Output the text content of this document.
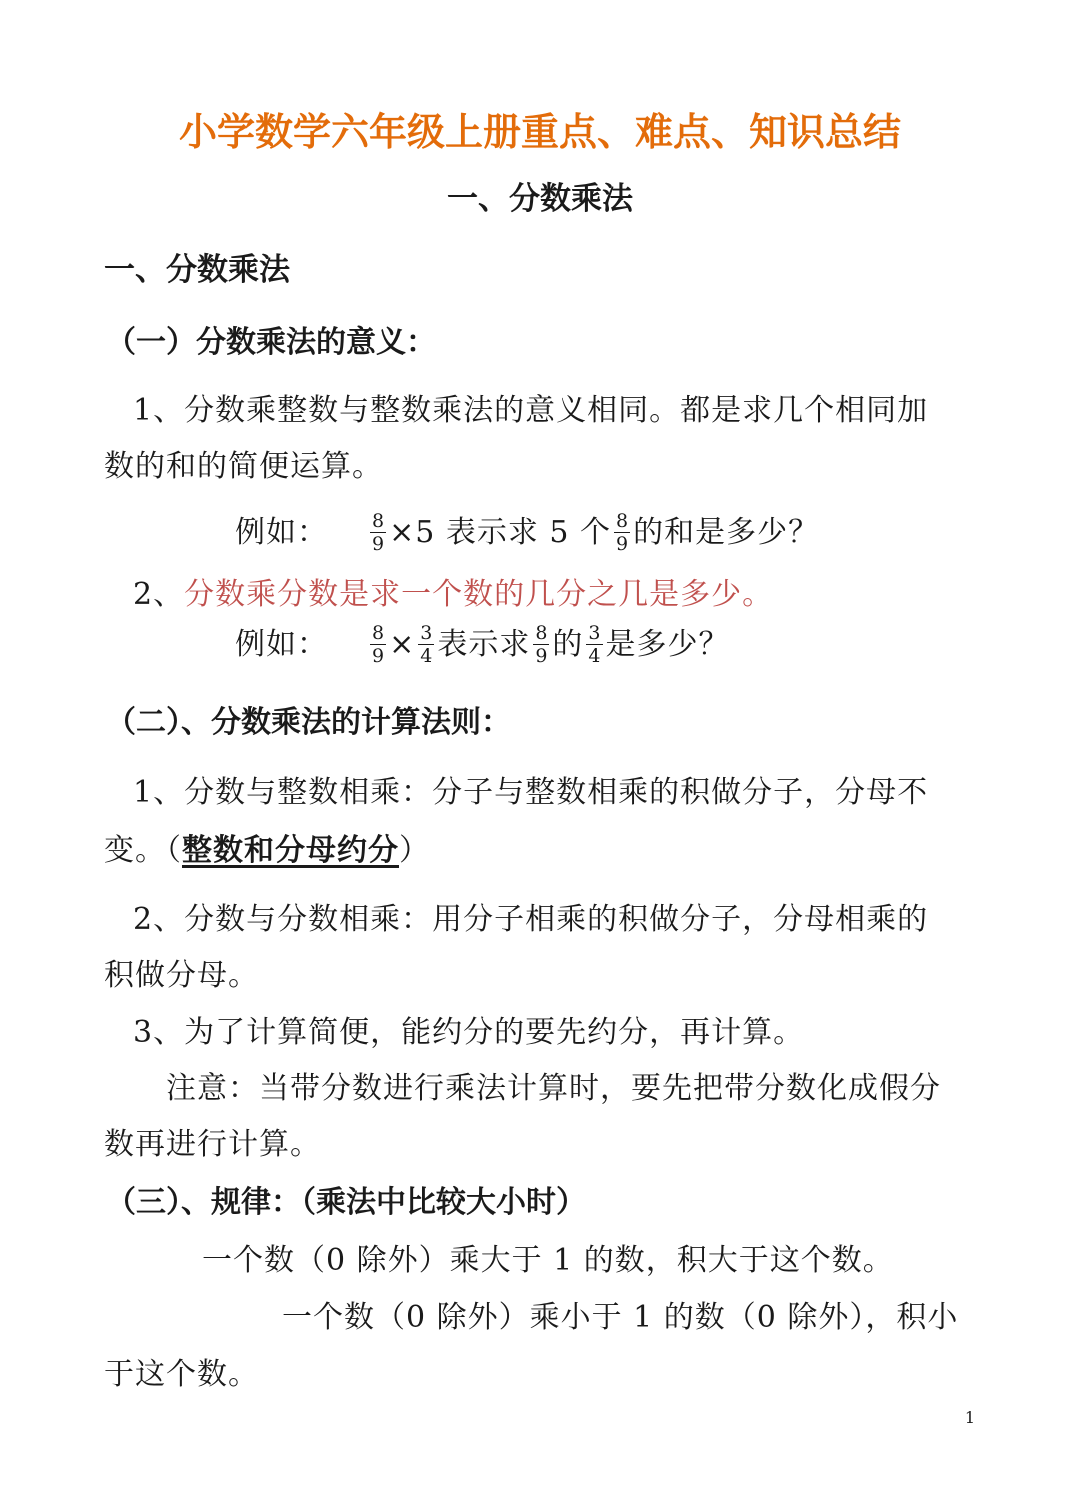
小学数学六年级上册重点、难点、知识总结
一、分数乘法
一、分数乘法
（一）分数乘法的意义：
1、分数乘整数与整数乘法的意义相同。都是求几个相同加
数的和的简便运算。
例如：	$\frac{8}{9} \times 5$ 表示求 5 个 $\frac{8}{9}$ 的和是多少？
2、分数乘分数是求一个数的几分之几是多少。
例如：	$\frac{8}{9} \times \frac{3}{4}$ 表示求 $\frac{8}{9}$ 的 $\frac{3}{4}$ 是多少？
（二）、分数乘法的计算法则：
1、分数与整数相乘：分子与整数相乘的积做分子，分母不
变。（整数和分母约分）
2、分数与分数相乘：用分子相乘的积做分子，分母相乘的
积做分母。
3、为了计算简便，能约分的要先约分，再计算。
注意：当带分数进行乘法计算时，要先把带分数化成假分
数再进行计算。
（三）、规律：（乘法中比较大小时）
一个数（0 除外）乘大于 1 的数，积大于这个数。
一个数（0 除外）乘小于 1 的数（0 除外），积小
于这个数。
1
